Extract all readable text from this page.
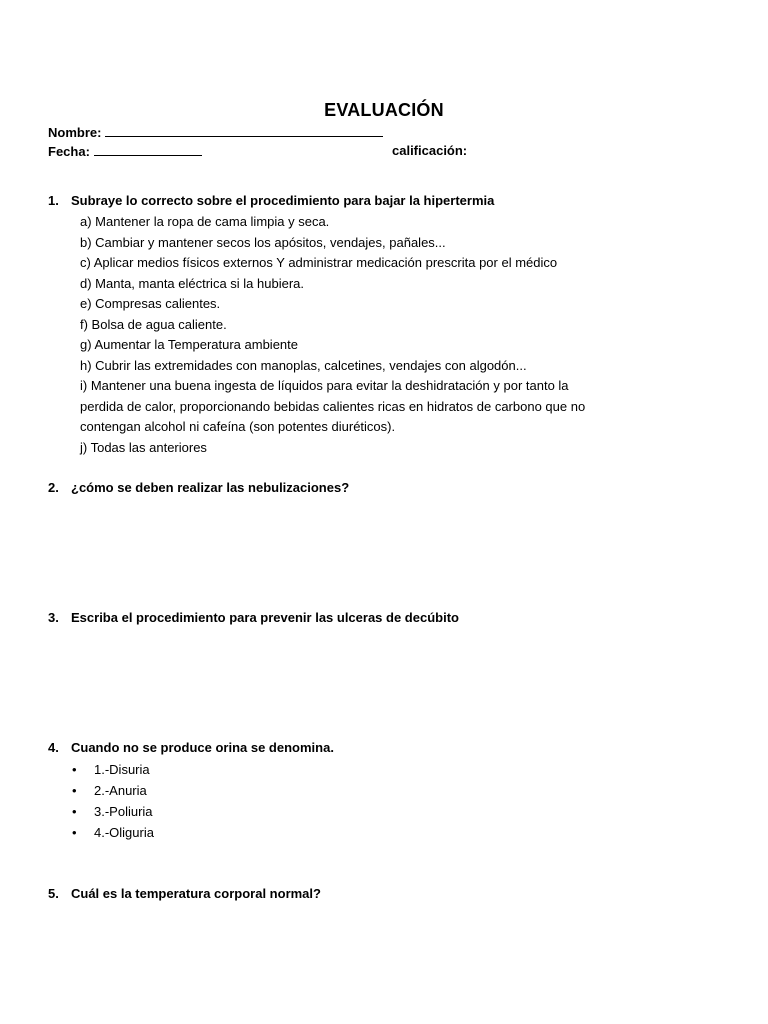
EVALUACIÓN
Nombre:
Fecha:	calificación:
1. Subraye lo correcto sobre el procedimiento para bajar la hipertermia
a) Mantener la ropa de cama limpia y seca.
b) Cambiar y mantener secos los apósitos, vendajes, pañales...
c) Aplicar medios físicos externos Y administrar medicación prescrita por el médico
d) Manta, manta eléctrica si la hubiera.
e) Compresas calientes.
f) Bolsa de agua caliente.
g) Aumentar la Temperatura ambiente
h) Cubrir las extremidades con manoplas, calcetines, vendajes con algodón...
i) Mantener una buena ingesta de líquidos para evitar la deshidratación y por tanto la
perdida de calor, proporcionando bebidas calientes ricas en hidratos de carbono que no
contengan alcohol ni cafeína (son potentes diuréticos).
j) Todas las anteriores
2. ¿cómo se deben realizar las nebulizaciones?
3. Escriba el procedimiento para prevenir las ulceras de decúbito
4. Cuando no se produce orina se denomina.
• 1.-Disuria
• 2.-Anuria
• 3.-Poliuria
• 4.-Oliguria
5. Cuál es la temperatura corporal normal?
